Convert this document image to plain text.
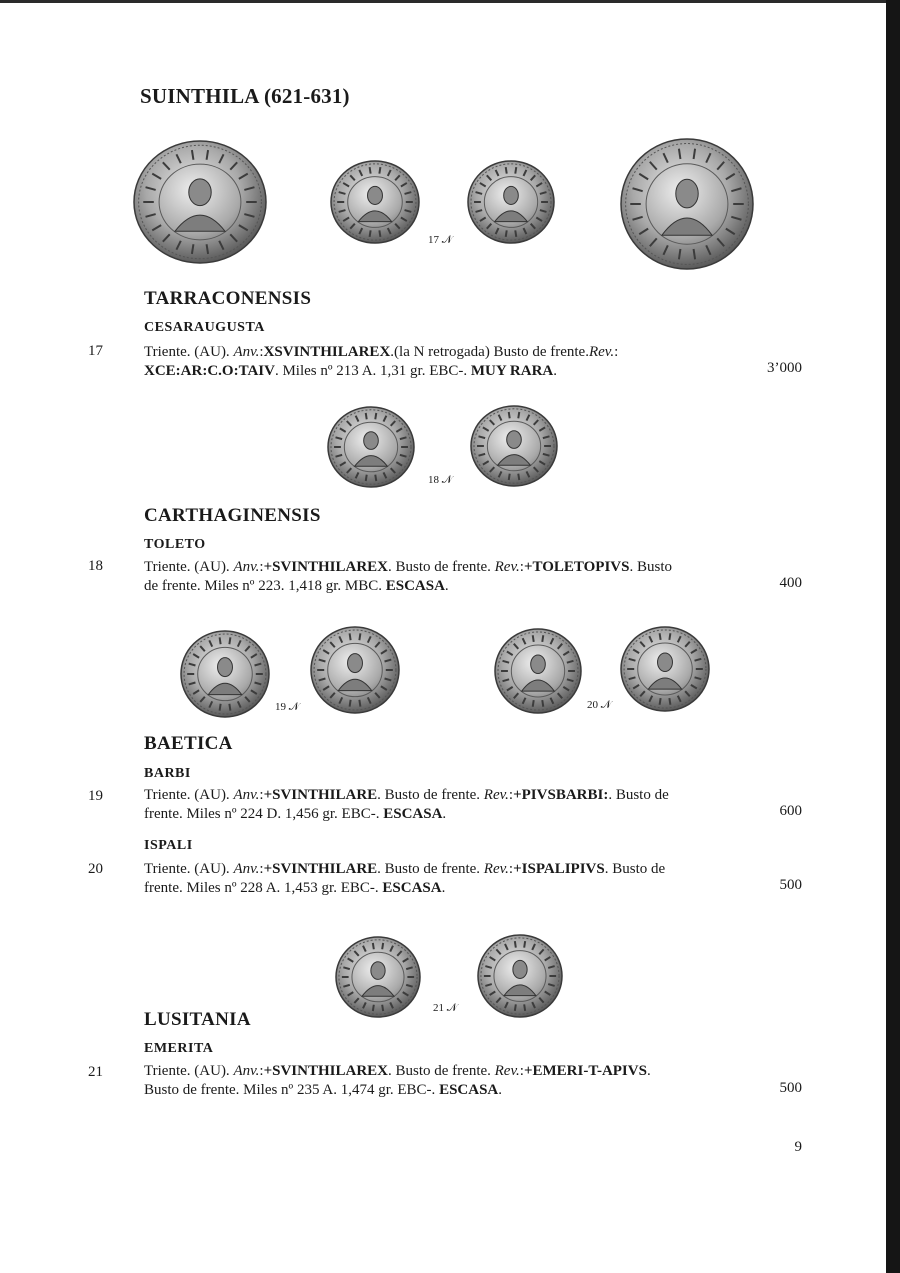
SUINTHILA (621-631)
17 𝒩
TARRACONENSIS
CESARAUGUSTA
17	Triente. (AU). Anv.:XSVINTHILAREX.(la N retrogada) Busto de frente.Rev.:
XCE:AR:C.O:TAIV. Miles nº 213 A. 1,31 gr. EBC-. MUY RARA.	3’000
18 𝒩
CARTHAGINENSIS
TOLETO
18	Triente. (AU). Anv.:+SVINTHILAREX. Busto de frente. Rev.:+TOLETOPIVS. Busto
de frente. Miles nº 223. 1,418 gr. MBC. ESCASA.	400
19 𝒩	20 𝒩
BAETICA
BARBI
19	Triente. (AU). Anv.:+SVINTHILARE. Busto de frente. Rev.:+PIVSBARBI:. Busto de
frente. Miles nº 224 D. 1,456 gr. EBC-. ESCASA.	600
ISPALI
20	Triente. (AU). Anv.:+SVINTHILARE. Busto de frente. Rev.:+ISPALIPIVS. Busto de
frente. Miles nº 228 A. 1,453 gr. EBC-. ESCASA.	500
21 𝒩
LUSITANIA
EMERITA
21	Triente. (AU). Anv.:+SVINTHILAREX. Busto de frente. Rev.:+EMERI-T-APIVS.
Busto de frente. Miles nº 235 A. 1,474 gr. EBC-. ESCASA.	500
9
